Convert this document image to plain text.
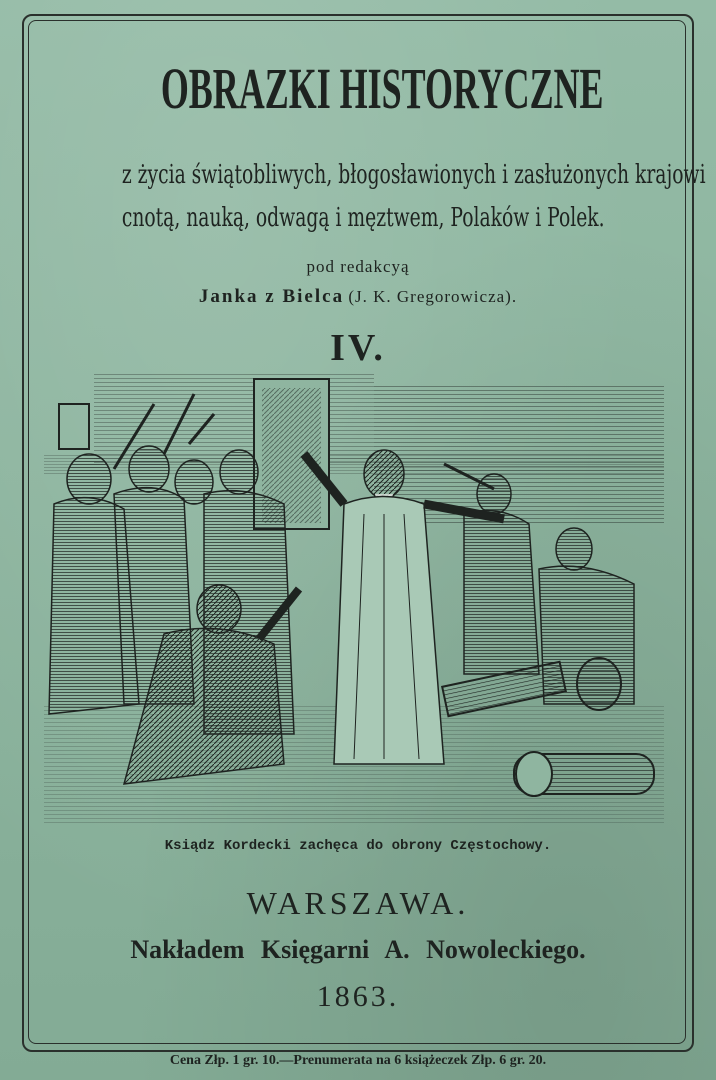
OBRAZKI HISTORYCZNE
z życia świątobliwych, błogosławionych i zasłużonych krajowi
cnotą, nauką, odwagą i męztwem, Polaków i Polek.
pod redakcyą
Janka z Bielca (J. K. Gregorowicza).
IV.
Ksiądz Kordecki zachęca do obrony Częstochowy.
WARSZAWA.
Nakładem Księgarni A. Nowoleckiego.
1863.
Cena Złp. 1 gr. 10.—Prenumerata na 6 książeczek Złp. 6 gr. 20.
